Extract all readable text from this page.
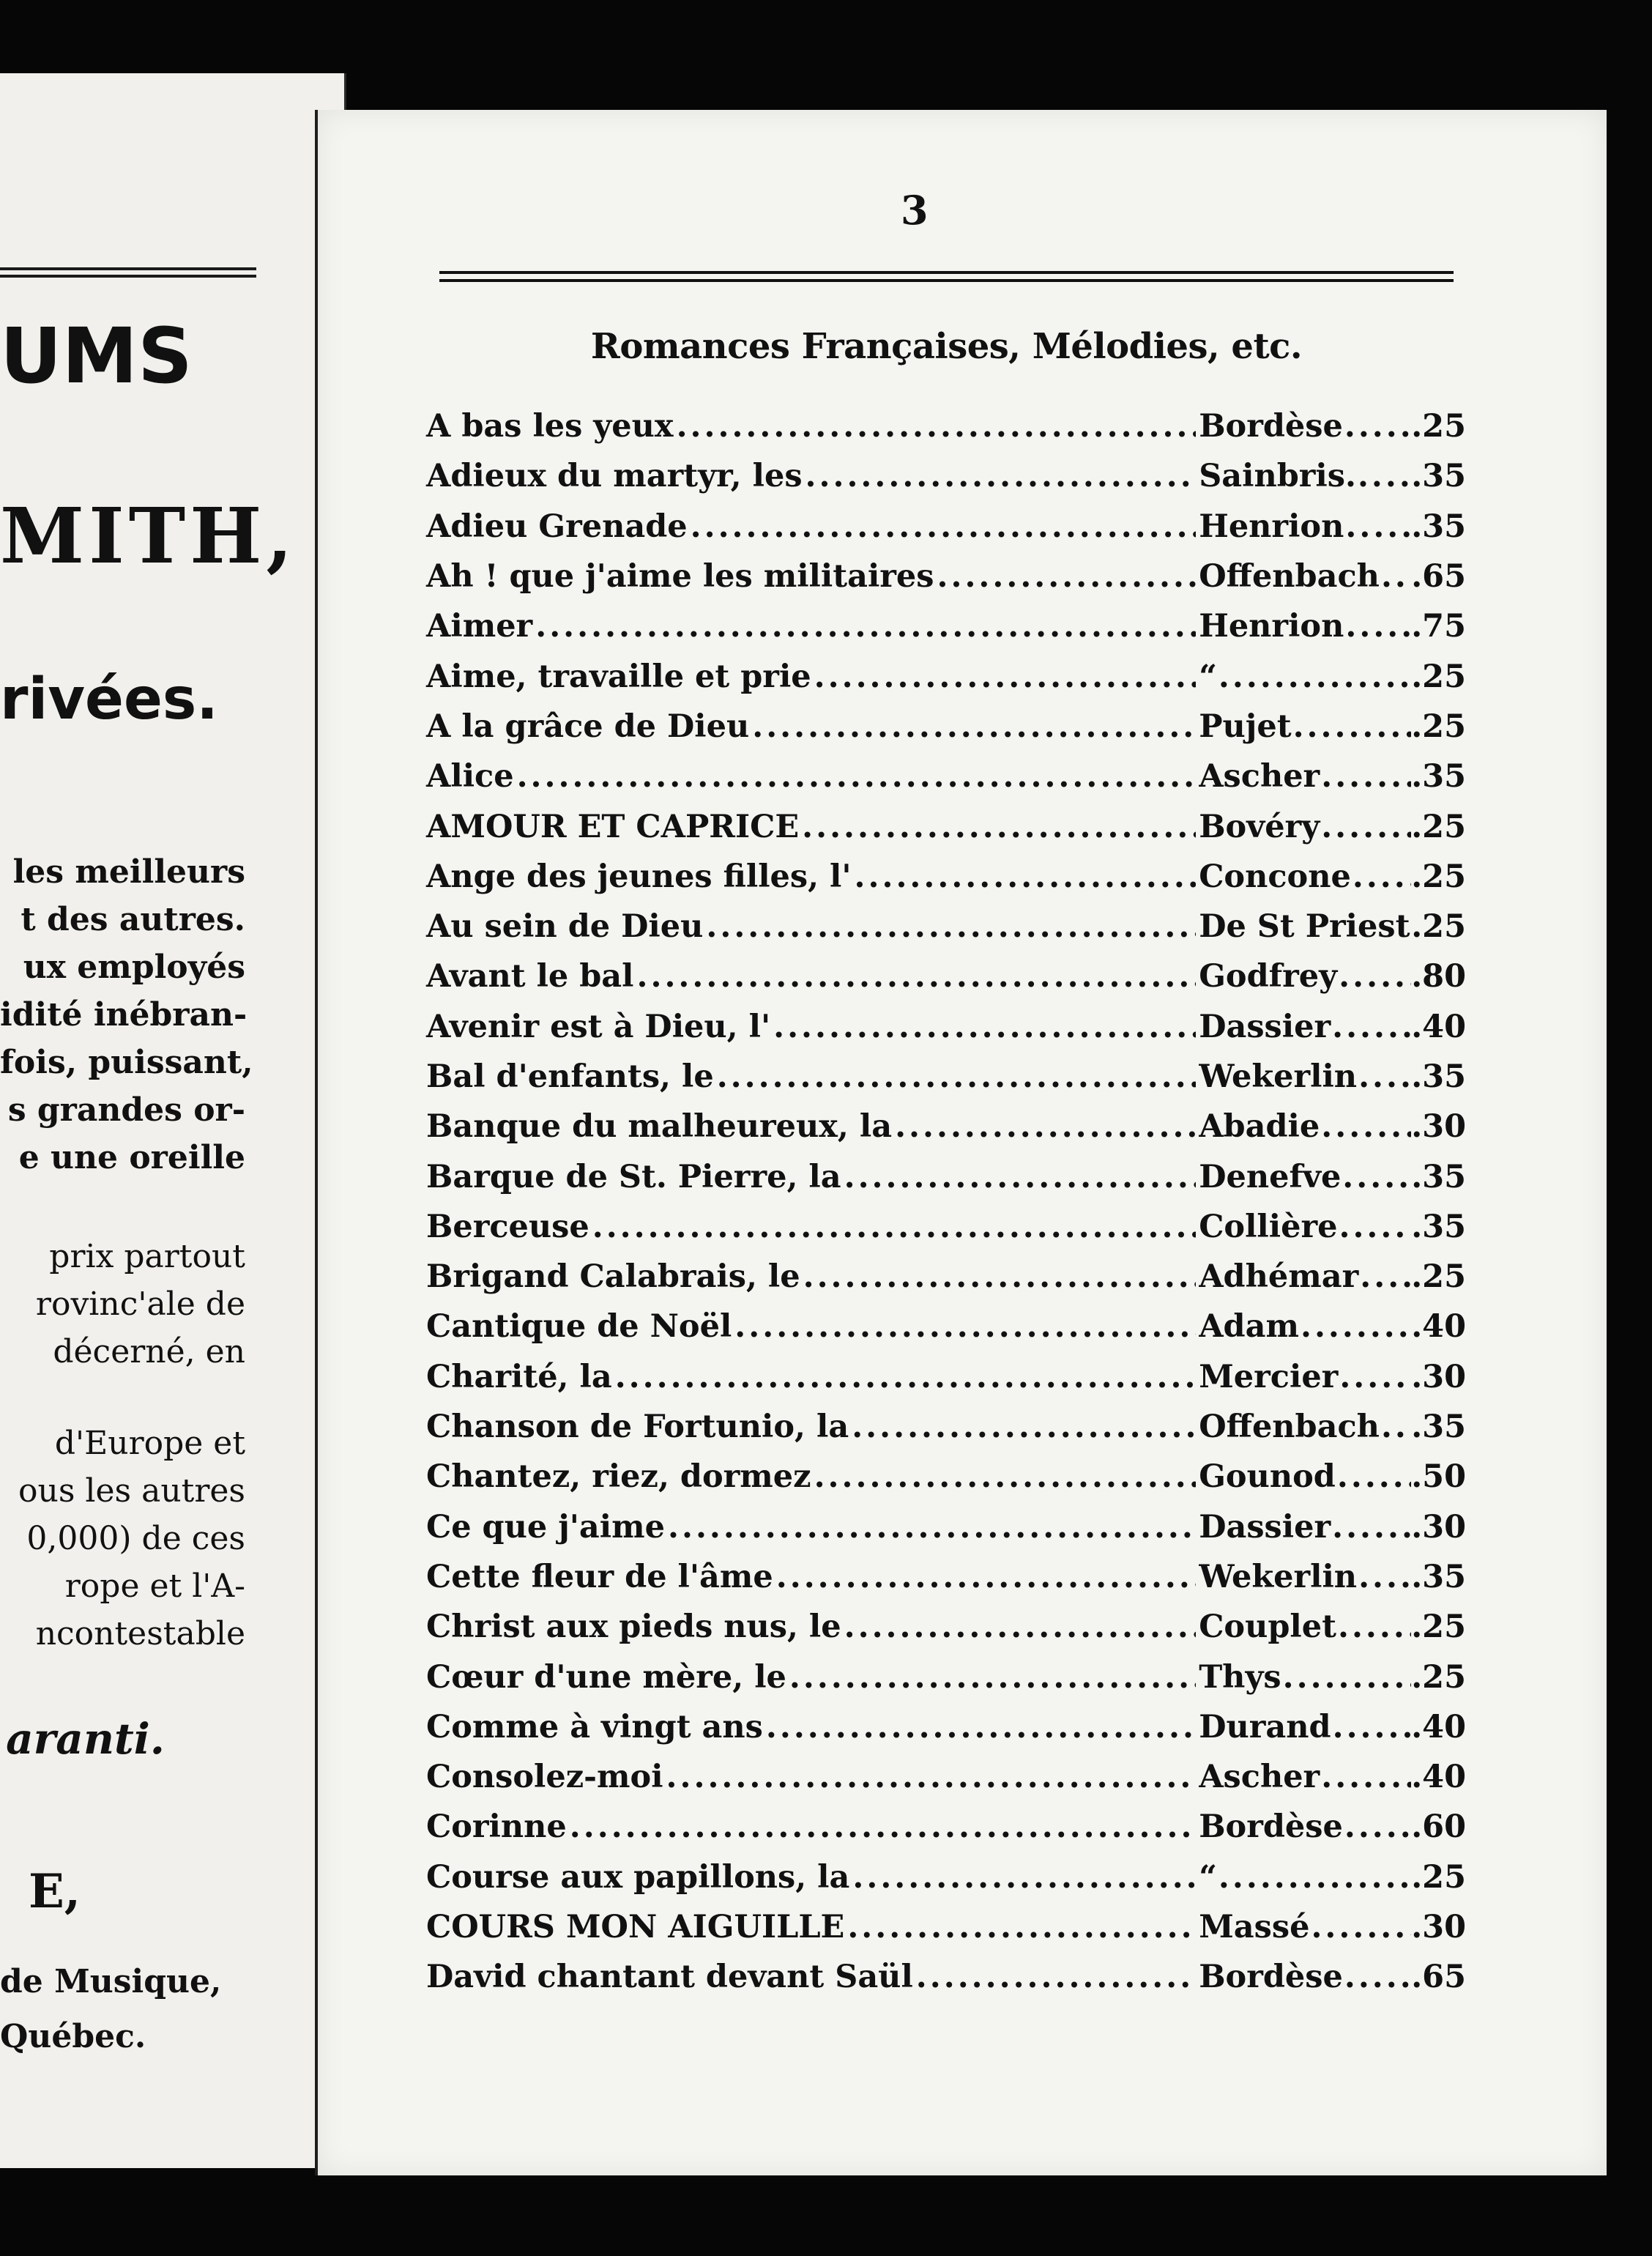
UMS
MITH,
rivées.
les meilleurs
t des autres.
ux employés
idité inébran-
fois, puissant,
s grandes or-
e une oreille
prix partout
rovinc'ale de
décerné, en
d'Europe et
ous les autres
0,000) de ces
rope et l'A-
ncontestable
aranti.
E,
de Musique,
Québec.
3
Romances Françaises, Mélodies, etc.
A bas les yeux .....	Bordèse ..... .25
Adieux du martyr, les .....	Sainbris. ..... .35
Adieu Grenade .....	Henrion ..... .35
Ah ! que j'aime les militaires .....	Offenbach ..... .65
Aimer .....	Henrion ..... .75
Aime, travaille et prie .....	“ .....	.25
A la grâce de Dieu .....	Pujet .....	.25
Alice .....	Ascher .....	.35
AMOUR ET CAPRICE .....	Bovéry .....	.25
Ange des jeunes filles, l' .....	Concone ..... .25
Au sein de Dieu .....	De St Priest .25
Avant le bal .....	Godfrey ..... .80
Avenir est à Dieu, l' .....	Dassier .....	.40
Bal d'enfants, le .....	Wekerlin ..... .35
Banque du malheureux, la .....	Abadie .....	.30
Barque de St. Pierre, la .....	Denefve ..... .35
Berceuse .....	Collière ..... .35
Brigand Calabrais, le .....	Adhémar ..... .25
Cantique de Noël .....	Adam .....	.40
Charité, la .....	Mercier ..... .30
Chanson de Fortunio, la .....	Offenbach ..... .35
Chantez, riez, dormez .....	Gounod ..... .50
Ce que j'aime .....	Dassier .....	.30
Cette fleur de l'âme .....	Wekerlin ..... .35
Christ aux pieds nus, le .....	Couplet ..... .25
Cœur d'une mère, le .....	Thys .....	.25
Comme à vingt ans .....	Durand .....	.40
Consolez-moi .....	Ascher .....	.40
Corinne .....	Bordèse ..... .60
Course aux papillons, la .....	“ .....	.25
COURS MON AIGUILLE .....	Massé .....	.30
David chantant devant Saül .....	Bordèse ..... .65
